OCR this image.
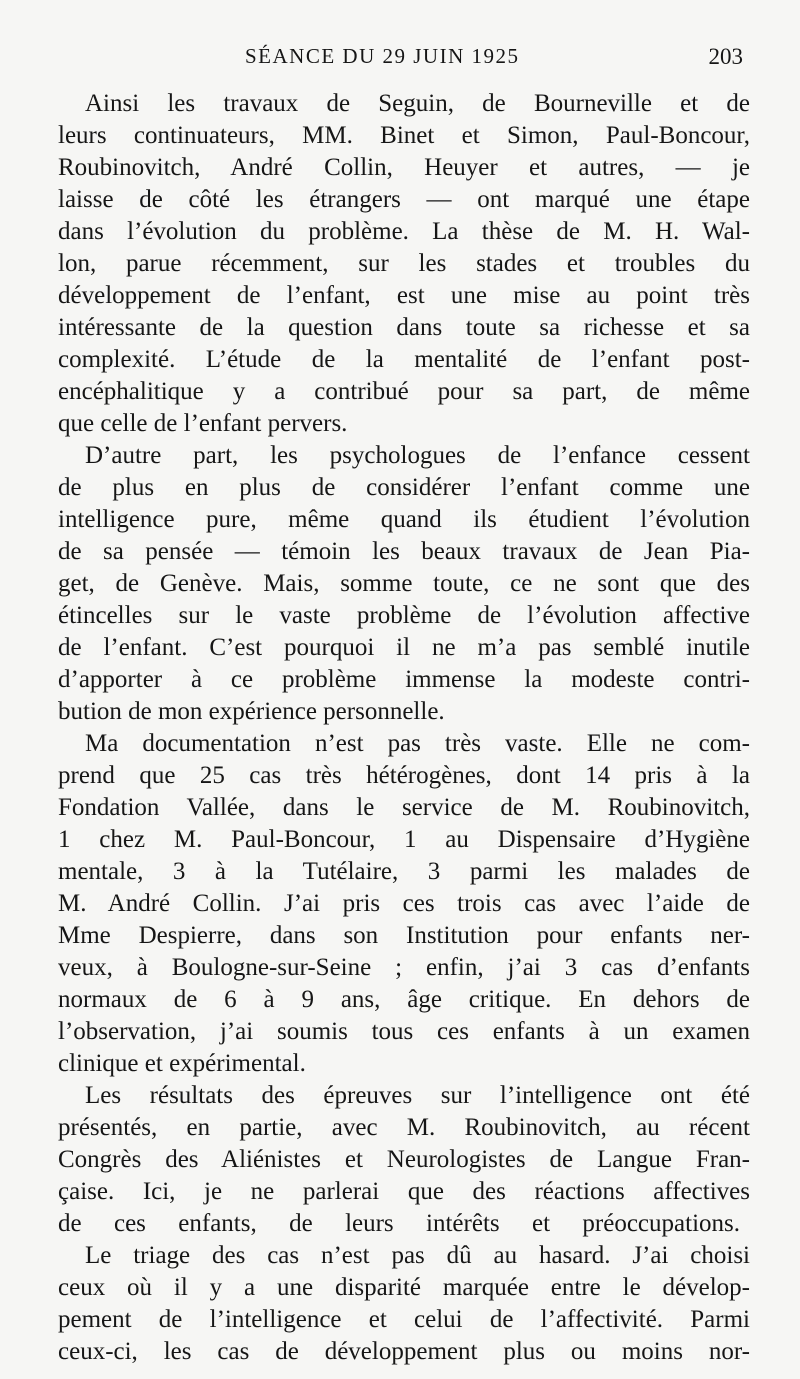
SÉANCE DU 29 JUIN 1925	203
Ainsi les travaux de Seguin, de Bourneville et de
leurs continuateurs, MM. Binet et Simon, Paul-Boncour,
Roubinovitch, André Collin, Heuyer et autres, — je
laisse de côté les étrangers — ont marqué une étape
dans l’évolution du problème. La thèse de M. H. Wal-
lon, parue récemment, sur les stades et troubles du
développement de l’enfant, est une mise au point très
intéressante de la question dans toute sa richesse et sa
complexité. L’étude de la mentalité de l’enfant post-
encéphalitique y a contribué pour sa part, de même
que celle de l’enfant pervers.
D’autre part, les psychologues de l’enfance cessent
de plus en plus de considérer l’enfant comme une
intelligence pure, même quand ils étudient l’évolution
de sa pensée — témoin les beaux travaux de Jean Pia-
get, de Genève. Mais, somme toute, ce ne sont que des
étincelles sur le vaste problème de l’évolution affective
de l’enfant. C’est pourquoi il ne m’a pas semblé inutile
d’apporter à ce problème immense la modeste contri-
bution de mon expérience personnelle.
Ma documentation n’est pas très vaste. Elle ne com-
prend que 25 cas très hétérogènes, dont 14 pris à la
Fondation Vallée, dans le service de M. Roubinovitch,
1 chez M. Paul-Boncour, 1 au Dispensaire d’Hygiène
mentale, 3 à la Tutélaire, 3 parmi les malades de
M. André Collin. J’ai pris ces trois cas avec l’aide de
Mme Despierre, dans son Institution pour enfants ner-
veux, à Boulogne-sur-Seine ; enfin, j’ai 3 cas d’enfants
normaux de 6 à 9 ans, âge critique. En dehors de
l’observation, j’ai soumis tous ces enfants à un examen
clinique et expérimental.
Les résultats des épreuves sur l’intelligence ont été
présentés, en partie, avec M. Roubinovitch, au récent
Congrès des Aliénistes et Neurologistes de Langue Fran-
çaise. Ici, je ne parlerai que des réactions affectives
de ces enfants, de leurs intérêts et préoccupations.
Le triage des cas n’est pas dû au hasard. J’ai choisi
ceux où il y a une disparité marquée entre le dévelop-
pement de l’intelligence et celui de l’affectivité. Parmi
ceux-ci, les cas de développement plus ou moins nor-
